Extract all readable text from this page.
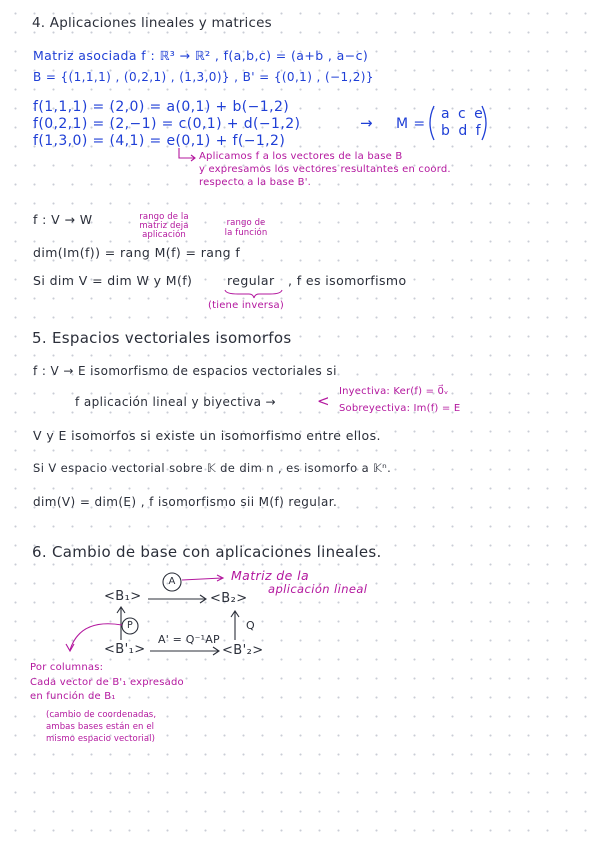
4. Aplicaciones lineales y matrices
Matriz asociada f : ℝ³ → ℝ² , f(a,b,c) = (a+b , a−c)
B = {(1,1,1) , (0,2,1) , (1,3,0)} , B' = {(0,1) , (−1,2)}
f(1,1,1) = (2,0) = a(0,1) + b(−1,2)
f(0,2,1) = (2,−1) = c(0,1) + d(−1,2)
f(1,3,0) = (4,1) = e(0,1) + f(−1,2)
→ M =
a c e
b d f
Aplicamos f a los vectores de la base B
y expresamos los vectores resultantes en coord.
respecto a la base B'.
f : V → W	rango de la
matriz deja
aplicación
rango de
la función
dim(Im(f)) = rang M(f) = rang f
Si dim V = dim W y M(f)	regular , f es isomorfismo
(tiene inversa)
5. Espacios vectoriales isomorfos
f : V → E isomorfismo de espacios vectoriales si
f aplicación lineal y biyectiva →	<
Inyectiva: Ker(f) = 0⃗ᵥ
Sobreyectiva: Im(f) = E
V y E isomorfos si existe un isomorfismo entre ellos.
Si V espacio vectorial sobre 𝕂 de dim n , es isomorfo a 𝕂ⁿ.
dim(V) = dim(E) , f isomorfismo sii M(f) regular.
6. Cambio de base con aplicaciones lineales.
<B₁>	<B₂>
<B'₁>	<B'₂>
A
P	Q
A' = Q⁻¹AP
Matriz de la
aplicación lineal
Por columnas:
Cada vector de B'₁ expresado
en función de B₁
(cambio de coordenadas,
ambas bases están en el
mismo espacio vectorial)
